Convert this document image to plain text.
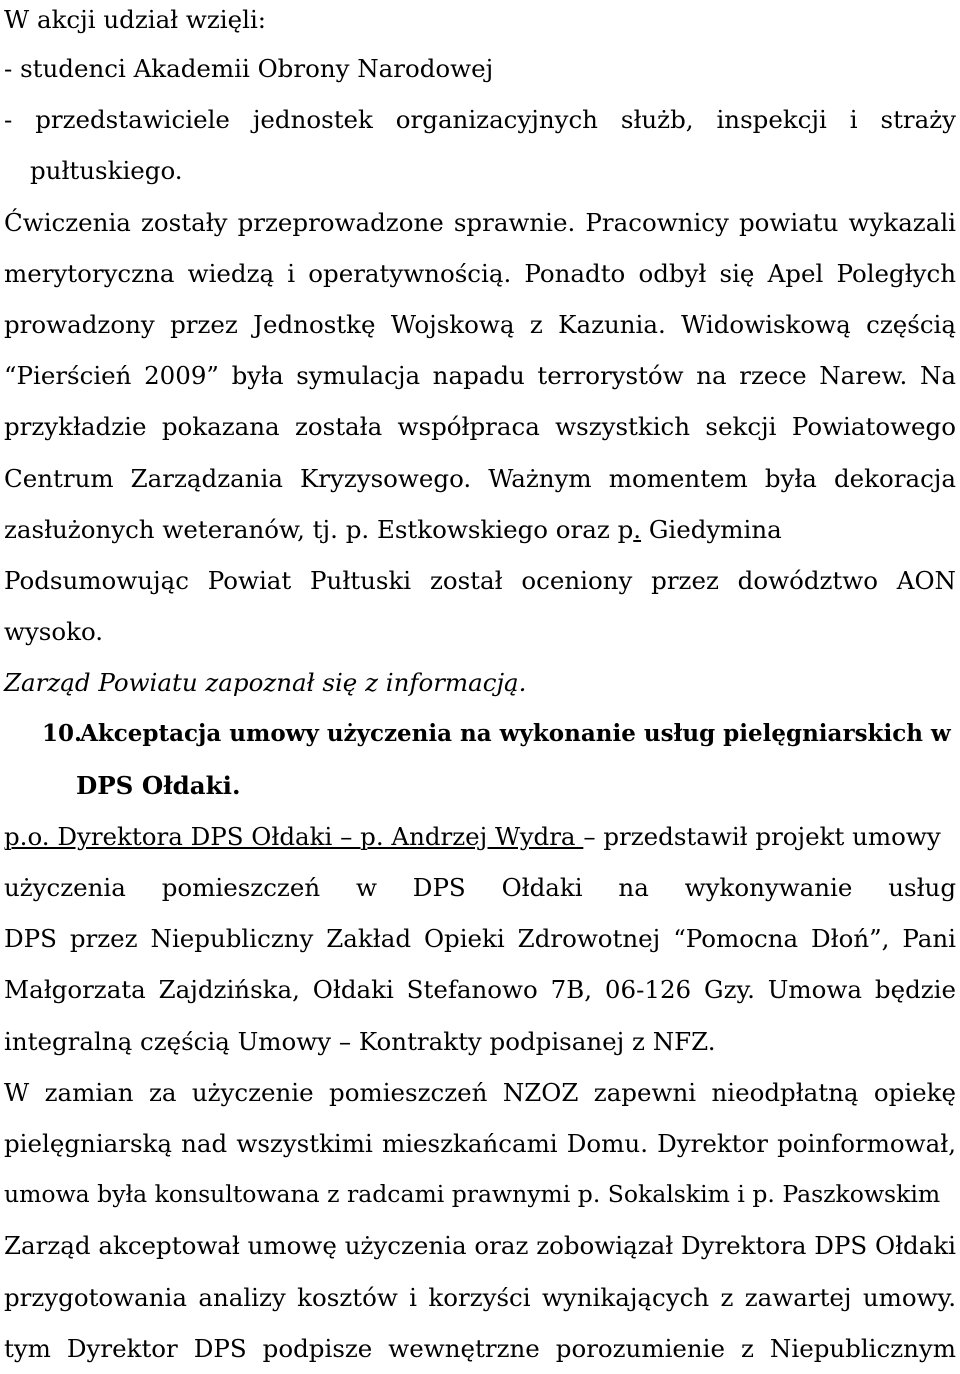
W akcji udział wzięli:
- studenci Akademii Obrony Narodowej
- przedstawiciele jednostek organizacyjnych służb, inspekcji i straży
pułtuskiego.
Ćwiczenia zostały przeprowadzone sprawnie. Pracownicy powiatu wykazali
merytoryczna wiedzą i operatywnością. Ponadto odbył się Apel Poległych
prowadzony przez Jednostkę Wojskową z Kazunia. Widowiskową częścią
“Pierścień 2009” była symulacja napadu terrorystów na rzece Narew. Na
przykładzie pokazana została współpraca wszystkich sekcji Powiatowego
Centrum Zarządzania Kryzysowego. Ważnym momentem była dekoracja
zasłużonych weteranów, tj. p. Estkowskiego oraz p. Giedymina
Podsumowując Powiat Pułtuski został oceniony przez dowództwo AON
wysoko.
Zarząd Powiatu zapoznał się z informacją.
10.Akceptacja umowy użyczenia na wykonanie usług pielęgniarskich w
DPS Ołdaki.
p.o. Dyrektora DPS Ołdaki – p. Andrzej Wydra – przedstawił projekt umowy
użyczenia pomieszczeń w DPS Ołdaki na wykonywanie usług
DPS przez Niepubliczny Zakład Opieki Zdrowotnej “Pomocna Dłoń”, Pani
Małgorzata Zajdzińska, Ołdaki Stefanowo 7B, 06-126 Gzy. Umowa będzie
integralną częścią Umowy – Kontrakty podpisanej z NFZ.
W zamian za użyczenie pomieszczeń NZOZ zapewni nieodpłatną opiekę
pielęgniarską nad wszystkimi mieszkańcami Domu. Dyrektor poinformował,
umowa była konsultowana z radcami prawnymi p. Sokalskim i p. Paszkowskim
Zarząd akceptował umowę użyczenia oraz zobowiązał Dyrektora DPS Ołdaki
przygotowania analizy kosztów i korzyści wynikających z zawartej umowy.
tym Dyrektor DPS podpisze wewnętrzne porozumienie z Niepublicznym
